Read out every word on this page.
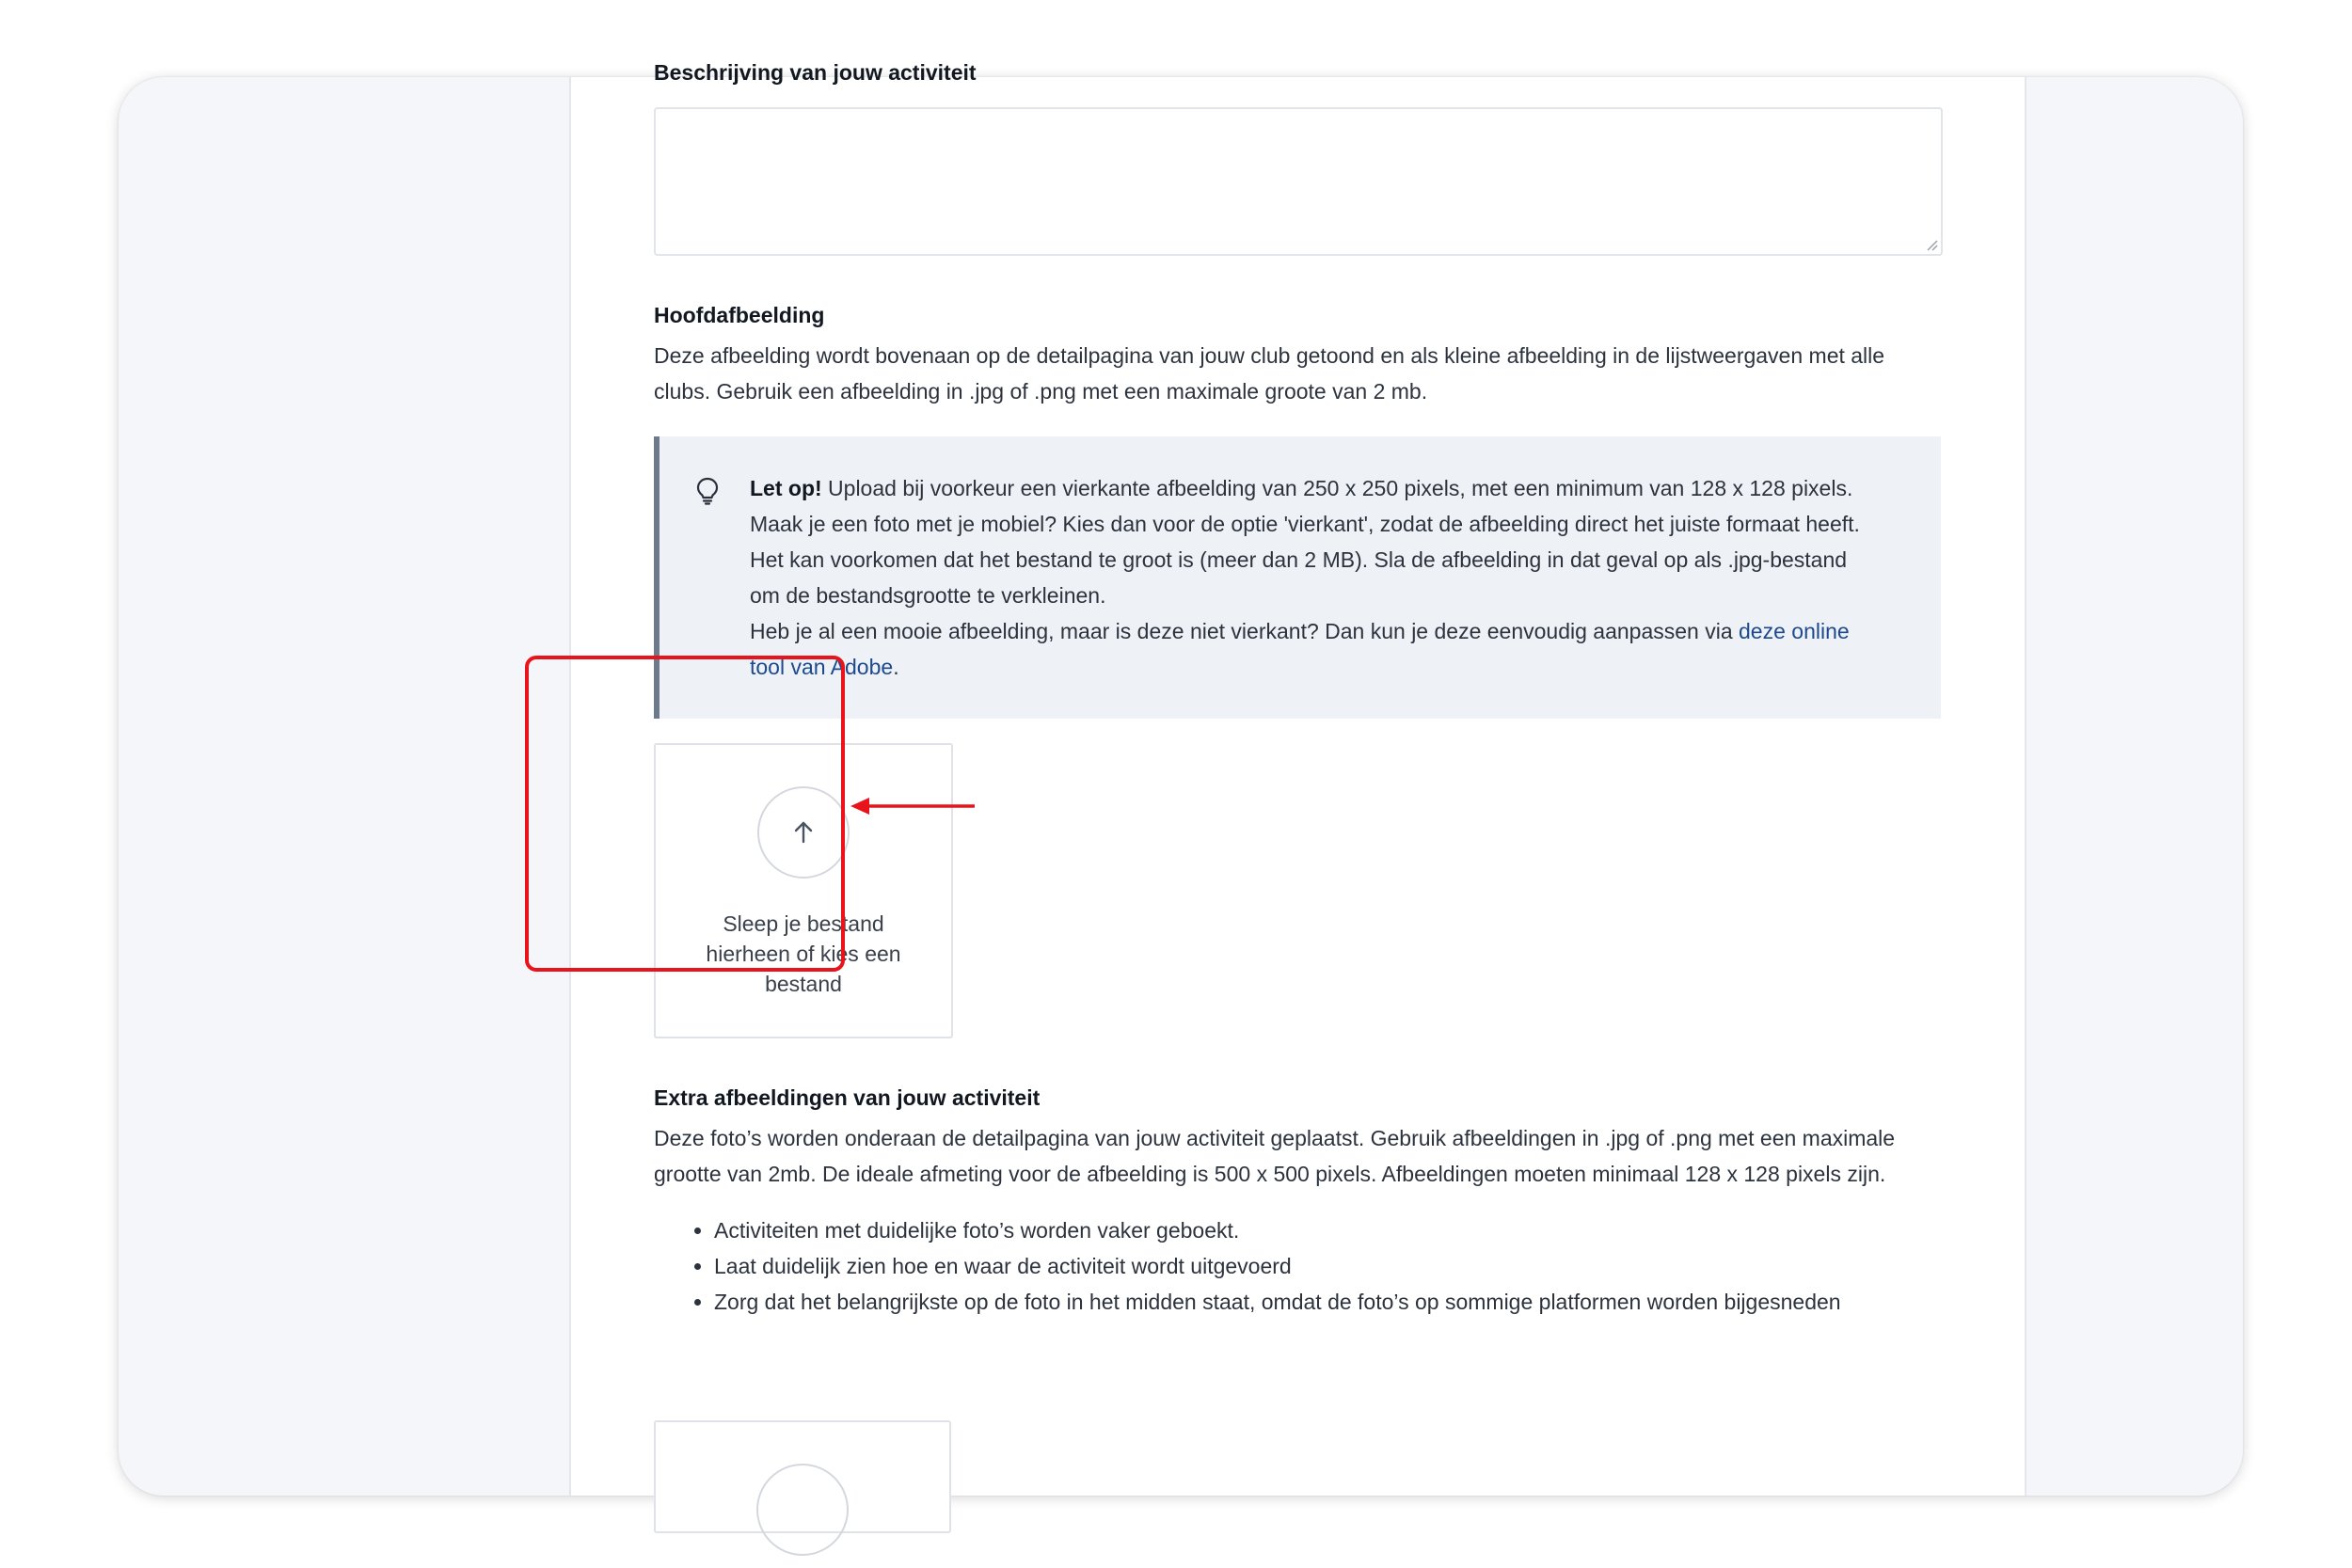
Beschrijving van jouw activiteit
Hoofdafbeelding
Deze afbeelding wordt bovenaan op de detailpagina van jouw club getoond en als kleine afbeelding in de lijstweergaven met alle clubs. Gebruik een afbeelding in .jpg of .png met een maximale groote van 2 mb.
Let op! Upload bij voorkeur een vierkante afbeelding van 250 x 250 pixels, met een minimum van 128 x 128 pixels. Maak je een foto met je mobiel? Kies dan voor de optie 'vierkant', zodat de afbeelding direct het juiste formaat heeft. Het kan voorkomen dat het bestand te groot is (meer dan 2 MB). Sla de afbeelding in dat geval op als .jpg-bestand om de bestandsgrootte te verkleinen.
Heb je al een mooie afbeelding, maar is deze niet vierkant? Dan kun je deze eenvoudig aanpassen via deze online tool van Adobe.
Sleep je bestand
hierheen of kies een
bestand
Extra afbeeldingen van jouw activiteit
Deze foto’s worden onderaan de detailpagina van jouw activiteit geplaatst. Gebruik afbeeldingen in .jpg of .png met een maximale grootte van 2mb. De ideale afmeting voor de afbeelding is 500 x 500 pixels. Afbeeldingen moeten minimaal 128 x 128 pixels zijn.
• Activiteiten met duidelijke foto’s worden vaker geboekt.
• Laat duidelijk zien hoe en waar de activiteit wordt uitgevoerd
• Zorg dat het belangrijkste op de foto in het midden staat, omdat de foto’s op sommige platformen worden bijgesneden
